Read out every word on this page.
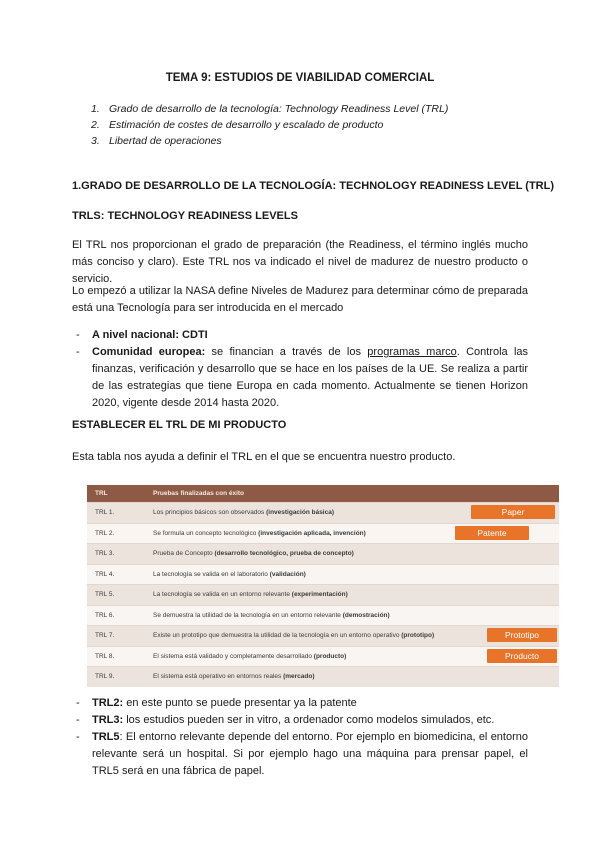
TEMA 9: ESTUDIOS DE VIABILIDAD COMERCIAL
1. Grado de desarrollo de la tecnología: Technology Readiness Level (TRL)
2. Estimación de costes de desarrollo y escalado de producto
3. Libertad de operaciones
1.GRADO DE DESARROLLO DE LA TECNOLOGÍA: TECHNOLOGY READINESS LEVEL (TRL)
TRLS: TECHNOLOGY READINESS LEVELS

El TRL nos proporcionan el grado de preparación (the Readiness, el término inglés mucho más conciso y claro). Este TRL nos va indicado el nivel de madurez de nuestro producto o servicio.

Lo empezó a utilizar la NASA define Niveles de Madurez para determinar cómo de preparada está una Tecnología para ser introducida en el mercado

- A nivel nacional: CDTI
- Comunidad europea: se financian a través de los programas marco. Controla las finanzas, verificación y desarrollo que se hace en los países de la UE. Se realiza a partir de las estrategias que tiene Europa en cada momento. Actualmente se tienen Horizon 2020, vigente desde 2014 hasta 2020.
ESTABLECER EL TRL DE MI PRODUCTO

Esta tabla nos ayuda a definir el TRL en el que se encuentra nuestro producto.

TRL	Pruebas finalizadas con éxito
TRL 1.	Los principios básicos son observados (investigación básica) Paper

TRL 2.	Se formula un concepto tecnológico (investigación aplicada, invención) Patente

TRL 3.	Prueba de Concepto (desarrollo tecnológico, prueba de concepto)
TRL 4.	La tecnología se valida en el laboratorio (validación)
TRL 5.	La tecnología se valida en un entorno relevante (experimentación)
TRL 6.	Se demuestra la utilidad de la tecnología en un entorno relevante (demostración)
TRL 7.	Existe un prototipo que demuestra la utilidad de la tecnología en un entorno operativo (prototipo) Prototipo

TRL 8.	El sistema está validado y completamente desarrollado (producto) Producto

TRL 9.	El sistema está operativo en entornos reales (mercado)
- TRL2: en este punto se puede presentar ya la patente
- TRL3: los estudios pueden ser in vitro, a ordenador como modelos simulados, etc.
- TRL5: El entorno relevante depende del entorno. Por ejemplo en biomedicina, el entorno relevante será un hospital. Si por ejemplo hago una máquina para prensar papel, el TRL5 será en una fábrica de papel.
